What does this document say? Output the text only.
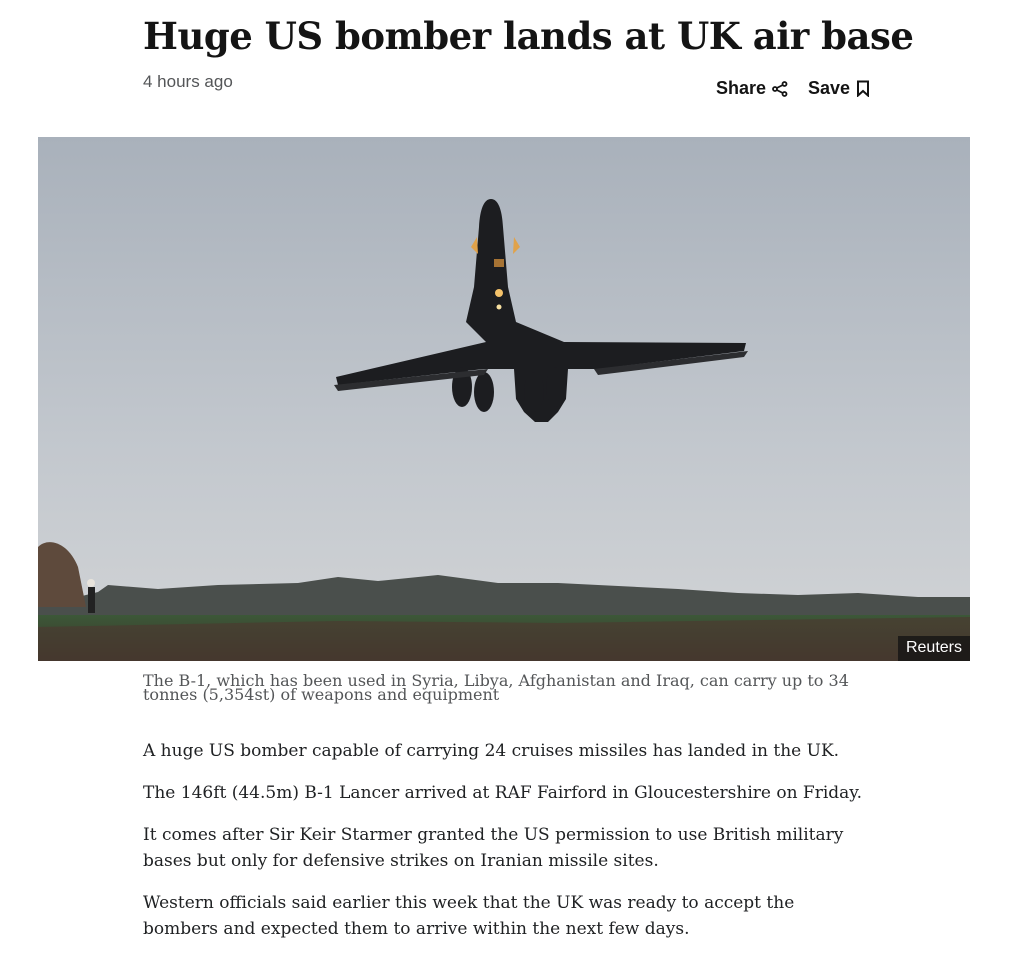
Huge US bomber lands at UK air base
4 hours ago	Share Save
Reuters
The B-1, which has been used in Syria, Libya, Afghanistan and Iraq, can carry up to 34 tonnes (5,354st) of weapons and equipment

A huge US bomber capable of carrying 24 cruises missiles has landed in the UK.

The 146ft (44.5m) B-1 Lancer arrived at RAF Fairford in Gloucestershire on Friday.

It comes after Sir Keir Starmer granted the US permission to use British military bases but only for defensive strikes on Iranian missile sites.

Western officials said earlier this week that the UK was ready to accept the bombers and expected them to arrive within the next few days.
